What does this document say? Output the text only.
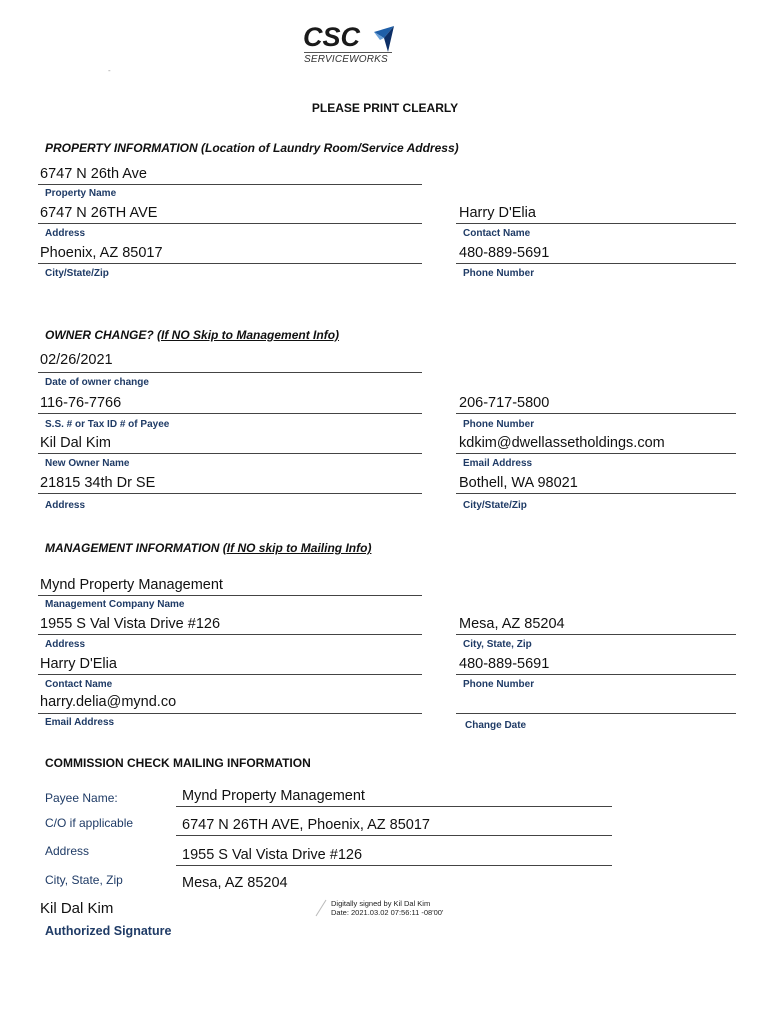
CSC
SERVICEWORKS
-
PLEASE PRINT CLEARLY
PROPERTY INFORMATION (Location of Laundry Room/Service Address)
6747 N 26th Ave
Property Name
6747 N 26TH AVE
Address
Harry D'Elia
Contact Name
Phoenix, AZ 85017
City/State/Zip
480-889-5691
Phone Number
OWNER CHANGE? (If NO Skip to Management Info)
02/26/2021
Date of owner change
116-76-7766
S.S. # or Tax ID # of Payee
206-717-5800
Phone Number
Kil Dal Kim
New Owner Name
kdkim@dwellassetholdings.com
Email Address
21815 34th Dr SE
Address
Bothell, WA 98021
City/State/Zip
MANAGEMENT INFORMATION (If NO skip to Mailing Info)
Mynd Property Management
Management Company Name
1955 S Val Vista Drive #126
Address
Mesa, AZ 85204
City, State, Zip
Harry D'Elia
Contact Name
480-889-5691
Phone Number
harry.delia@mynd.co
Email Address	Change Date
COMMISSION CHECK MAILING INFORMATION
Payee Name:	Mynd Property Management
C/O if applicable	6747 N 26TH AVE, Phoenix, AZ 85017
Address	1955 S Val Vista Drive #126
City, State, Zip	Mesa, AZ 85204
Kil Dal Kim	Digitally signed by Kil Dal Kim
Date: 2021.03.02 07:56:11 -08'00'
Authorized Signature
